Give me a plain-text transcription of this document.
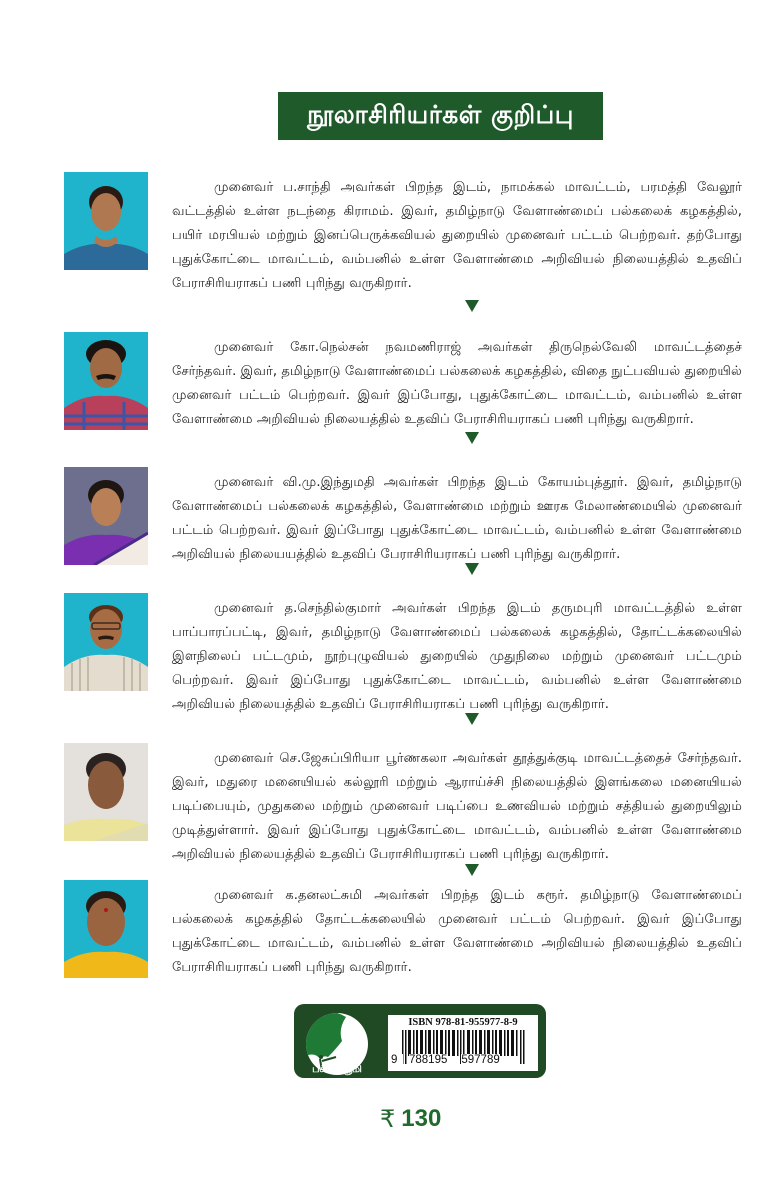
நூலாசிரியர்கள் குறிப்பு

முனைவர் ப.சாந்தி அவர்கள் பிறந்த இடம், நாமக்கல் மாவட்டம், பரமத்தி வேலூர் வட்டத்தில் உள்ள நடந்தை கிராமம். இவர், தமிழ்நாடு வேளாண்மைப் பல்கலைக் கழகத்தில், பயிர் மரபியல் மற்றும் இனப்பெருக்கவியல் துறையில் முனைவர் பட்டம் பெற்றவர். தற்போது புதுக்கோட்டை மாவட்டம், வம்பனில் உள்ள வேளாண்மை அறிவியல் நிலையத்தில் உதவிப் பேராசிரியராகப் பணி புரிந்து வருகிறார்.

முனைவர் கோ.நெல்சன் நவமணிராஜ் அவர்கள் திருநெல்வேலி மாவட்டத்தைச் சேர்ந்தவர். இவர், தமிழ்நாடு வேளாண்மைப் பல்கலைக் கழகத்தில், விதை நுட்பவியல் துறையில் முனைவர் பட்டம் பெற்றவர். இவர் இப்போது, புதுக்கோட்டை மாவட்டம், வம்பனில் உள்ள வேளாண்மை அறிவியல் நிலையத்தில் உதவிப் பேராசிரியராகப் பணி புரிந்து வருகிறார்.

முனைவர் வி.மு.இந்துமதி அவர்கள் பிறந்த இடம் கோயம்புத்தூர். இவர், தமிழ்நாடு வேளாண்மைப் பல்கலைக் கழகத்தில், வேளாண்மை மற்றும் ஊரக மேலாண்மையில் முனைவர் பட்டம் பெற்றவர். இவர் இப்போது புதுக்கோட்டை மாவட்டம், வம்பனில் உள்ள வேளாண்மை அறிவியல் நிலையயத்தில் உதவிப் பேராசிரியராகப் பணி புரிந்து வருகிறார்.

முனைவர் த.செந்தில்குமார் அவர்கள் பிறந்த இடம் தருமபுரி மாவட்டத்தில் உள்ள பாப்பாரப்பட்டி, இவர், தமிழ்நாடு வேளாண்மைப் பல்கலைக் கழகத்தில், தோட்டக்கலையில் இளநிலைப் பட்டமும், நூற்புழுவியல் துறையில் முதுநிலை மற்றும் முனைவர் பட்டமும் பெற்றவர். இவர் இப்போது புதுக்கோட்டை மாவட்டம், வம்பனில் உள்ள வேளாண்மை அறிவியல் நிலையத்தில் உதவிப் பேராசிரியராகப் பணி புரிந்து வருகிறார்.

முனைவர் செ.ஜேசுப்பிரியா பூர்ணகலா அவர்கள் தூத்துக்குடி மாவட்டத்தைச் சேர்ந்தவர். இவர், மதுரை மனையியல் கல்லூரி மற்றும் ஆராய்ச்சி நிலையத்தில் இளங்கலை மனையியல் படிப்பையும், முதுகலை மற்றும் முனைவர் படிப்பை உணவியல் மற்றும் சத்தியல் துறையிலும் முடித்துள்ளார். இவர் இப்போது புதுக்கோட்டை மாவட்டம், வம்பனில் உள்ள வேளாண்மை அறிவியல் நிலையத்தில் உதவிப் பேராசிரியராகப் பணி புரிந்து வருகிறார்.

முனைவர் க.தனலட்சுமி அவர்கள் பிறந்த இடம் கரூர். தமிழ்நாடு வேளாண்மைப் பல்கலைக் கழகத்தில் தோட்டக்கலையில் முனைவர் பட்டம் பெற்றவர். இவர் இப்போது புதுக்கோட்டை மாவட்டம், வம்பனில் உள்ள வேளாண்மை அறிவியல் நிலையத்தில் உதவிப் பேராசிரியராகப் பணி புரிந்து வருகிறார்.

பச்சை பூமி
ISBN 978-81-955977-8-9
9	788195 597789
₹ 130
